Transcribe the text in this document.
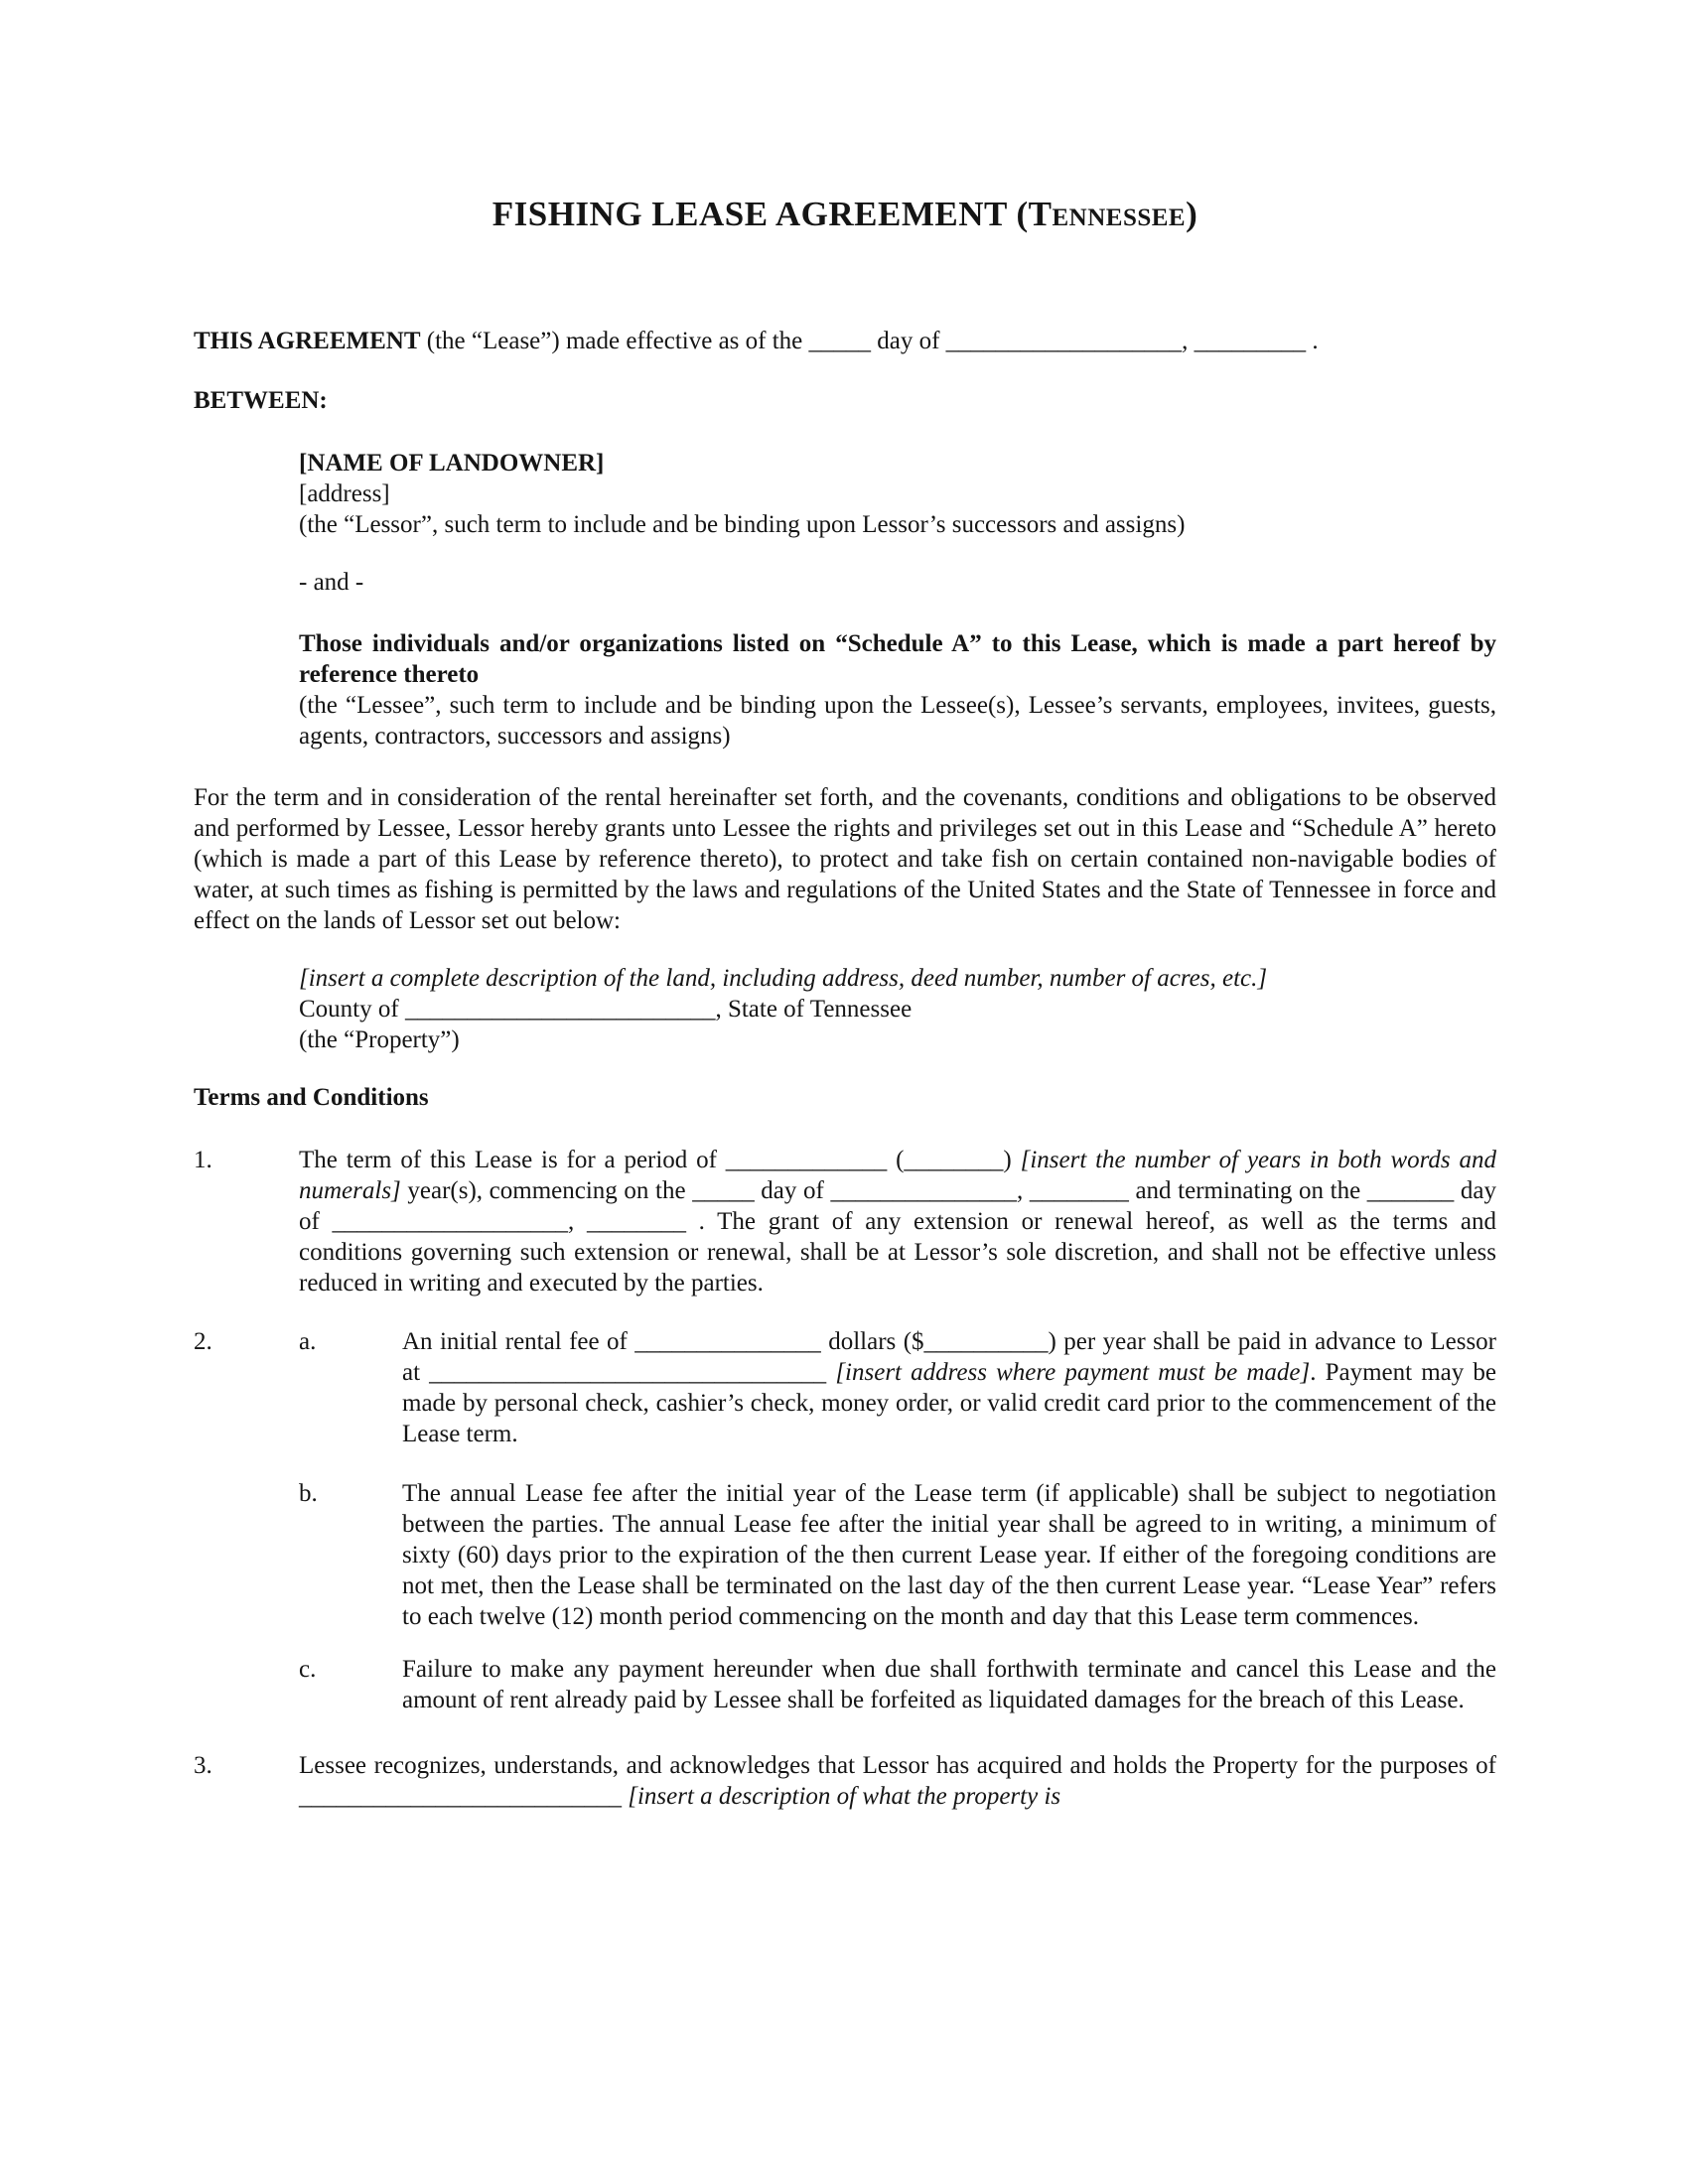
FISHING LEASE AGREEMENT (Tennessee)

THIS AGREEMENT (the “Lease”) made effective as of the _____ day of ___________________, _________ .

BETWEEN:

[NAME OF LANDOWNER]

[address]

(the “Lessor”, such term to include and be binding upon Lessor’s successors and assigns)

- and -

Those individuals and/or organizations listed on “Schedule A” to this Lease, which is made a part hereof by reference thereto

(the “Lessee”, such term to include and be binding upon the Lessee(s), Lessee’s servants, employees, invitees, guests, agents, contractors, successors and assigns)

For the term and in consideration of the rental hereinafter set forth, and the covenants, conditions and obligations to be observed and performed by Lessee, Lessor hereby grants unto Lessee the rights and privileges set out in this Lease and “Schedule A” hereto (which is made a part of this Lease by reference thereto), to protect and take fish on certain contained non-navigable bodies of water, at such times as fishing is permitted by the laws and regulations of the United States and the State of Tennessee in force and effect on the lands of Lessor set out below:

[insert a complete description of the land, including address, deed number, number of acres, etc.]

County of _________________________, State of Tennessee

(the “Property”)

Terms and Conditions

1.	The term of this Lease is for a period of _____________ (________) [insert the number of years in both words and numerals] year(s), commencing on the _____ day of _______________, ________ and terminating on the _______ day of ___________________, ________ . The grant of any extension or renewal hereof, as well as the terms and conditions governing such extension or renewal, shall be at Lessor’s sole discretion, and shall not be effective unless reduced in writing and executed by the parties.
2.	a.	An initial rental fee of _______________ dollars ($__________) per year shall be paid in advance to Lessor at ________________________________ [insert address where payment must be made]. Payment may be made by personal check, cashier’s check, money order, or valid credit card prior to the commencement of the Lease term.
b.	The annual Lease fee after the initial year of the Lease term (if applicable) shall be subject to negotiation between the parties. The annual Lease fee after the initial year shall be agreed to in writing, a minimum of sixty (60) days prior to the expiration of the then current Lease year. If either of the foregoing conditions are not met, then the Lease shall be terminated on the last day of the then current Lease year. “Lease Year” refers to each twelve (12) month period commencing on the month and day that this Lease term commences.
c.	Failure to make any payment hereunder when due shall forthwith terminate and cancel this Lease and the amount of rent already paid by Lessee shall be forfeited as liquidated damages for the breach of this Lease.
3.	Lessee recognizes, understands, and acknowledges that Lessor has acquired and holds the Property for the purposes of __________________________ [insert a description of what the property is
